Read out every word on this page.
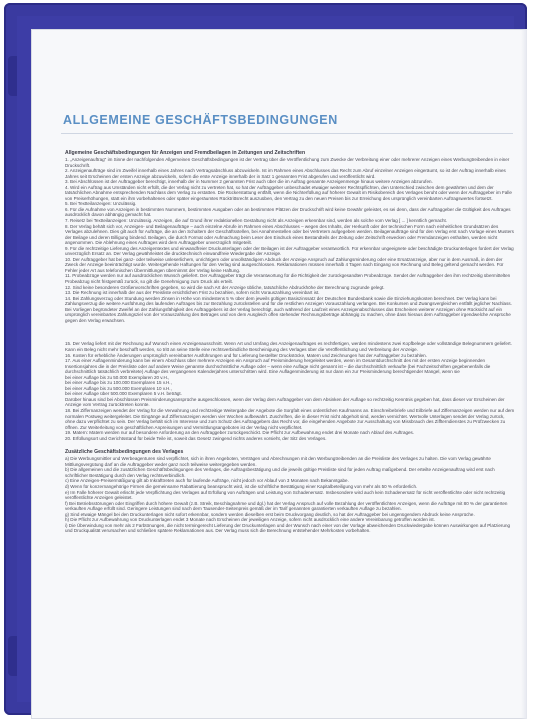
ALLGEMEINE GESCHÄFTSBEDINGUNGEN
Allgemeine Geschäftsbedingungen für Anzeigen und Fremdbeilagen in Zeitungen und Zeitschriften

1. „Anzeigenauftrag" im Sinne der nachfolgenden Allgemeinen Geschäftsbedingungen ist der Vertrag über die Veröffentlichung zum Zwecke der Verbreitung einer oder mehrerer Anzeigen eines Werbungtreibenden in einer Druckschrift.

2. Anzeigenaufträge sind im Zweifel innerhalb eines Jahres nach Vertragsabschluss abzuwickeln. Ist im Rahmen eines Abschlusses das Recht zum Abruf einzelner Anzeigen eingeräumt, so ist der Auftrag innerhalb eines Jahres seit Erscheinen der ersten Anzeige abzuwickeln, sofern die erste Anzeige innerhalb der in Satz 1 genannten Frist abgerufen und veröffentlicht wird.

3. Bei Abschlüssen ist der Auftraggeber berechtigt, innerhalb der in Nummer 2 genannten Frist auch über die im Auftrag genannte Anzeigenmenge hinaus weitere Anzeigen abzurufen.

4. Wird ein Auftrag aus Umständen nicht erfüllt, die der Verlag nicht zu vertreten hat, so hat der Auftraggeber unbeschadet etwaiger weiterer Rechtspflichten, den Unterschied zwischen dem gewährten und dem der tatsächlichen Abnahme entsprechenden Nachlass dem Verlag zu erstatten. Die Rückerstattung entfällt, wenn die Nichterfüllung auf höherer Gewalt im Risikobereich des Verlages beruht oder wenn der Auftraggeber im Falle von Preiserhöhungen, statt ein ihm vorbehaltenes oder später eingeräumtes Rücktrittsrecht auszuüben, den Vertrag zu den neuen Preisen bis zur Erreichung des ursprünglich vereinbarten Auftragswertes fortsetzt.

5. Bei Textteilanzeigen: Unzulässig.

6. Für die Aufnahme von Anzeigen in bestimmten Nummern, bestimmten Ausgaben oder an bestimmten Plätzen der Druckschrift wird keine Gewähr geleistet, es sei denn, dass der Auftraggeber die Gültigkeit des Auftrages ausdrücklich davon abhängig gemacht hat.

7. Reisetz bei Textteilanzeigen: Unzulässig. Anzeigen, die auf Grund ihrer redaktionellen Gestaltung nicht als Anzeigen erkennbar sind, werden als solche vom Verlag [ ... ] kenntlich gemacht.

8. Der Verlag behält sich vor, Anzeigen- und Beilagenaufträge – auch einzelne Abrufe im Rahmen eines Abschlusses – wegen des Inhalts, der Herkunft oder der technischen Form nach einheitlichen Grundsätzen des Verlages abzulehnen. Dies gilt auch für Aufträge, die an den Schaltern der Geschäftsstellen, bei Annahmestellen oder bei Vertretern aufgegeben werden. Beilagenaufträge sind für den Verlag erst nach Vorlage eines Musters der Beilage und deren Billigung bindend. Beilagen, die durch Format oder Aufmachung beim Leser den Eindruck eines Bestandteils der Zeitung oder Zeitschrift erwecken oder Fremdanzeigen enthalten, werden nicht angenommen. Die Ablehnung eines Auftrages wird dem Auftraggeber unverzüglich mitgeteilt.

9. Für die rechtzeitige Lieferung des Anzeigentextes und einwandfreier Druckunterlagen oder der Beilagen ist der Auftraggeber verantwortlich. Für erkennbar ungeeignete oder beschädigte Druckunterlagen fordert der Verlag unverzüglich Ersatz an. Der Verlag gewährleistet die drucktechnisch einwandfreie Wiedergabe der Anzeige.

10. Der Auftraggeber hat bei ganz- oder teilweise unleserlichem, unrichtigem oder unvollständigem Abdruck der Anzeige Anspruch auf Zahlungsminderung oder eine Ersatzanzeige, aber nur in dem Ausmaß, in dem der Zweck der Anzeige beeinträchtigt wurde. Weitergehende Haftungen für den Verlag sind ausgeschlossen. Reklamationen müssen innerhalb 4 Tagen nach Eingang von Rechnung und Beleg geltend gemacht werden. Für Fehler jeder Art aus telefonischen Übermittlungen übernimmt der Verlag keine Haftung.

11. Probeabzüge werden nur auf ausdrücklichen Wunsch geliefert. Der Auftraggeber trägt die Verantwortung für die Richtigkeit der zurückgesandten Probeabzüge. Sendet der Auftraggeber den ihm rechtzeitig übermittelten Probeabzug nicht fristgemäß zurück, so gilt die Genehmigung zum Druck als erteilt.

12. Sind keine besonderen Größenvorschriften gegeben, so wird die nach Art der Anzeige übliche, tatsächliche Abdruckhöhe der Berechnung zugrunde gelegt.

13. Die Rechnung ist innerhalb der aus der Preisliste ersichtlichen Frist zu bezahlen, sofern nicht Vorauszahlung vereinbart ist.

14. Bei Zahlungsverzug oder Stundung werden Zinsen in Höhe von mindestens 5 % über dem jeweils gültigen Basiszinssatz der Deutschen Bundesbank sowie die Einziehungskosten berechnet. Der Verlag kann bei Zahlungsverzug die weitere Ausführung des laufenden Auftrages bis zur Bezahlung zurückstellen und für die restlichen Anzeigen Vorauszahlung verlangen. Bei Konkursen und Zwangsvergleichen entfällt jeglicher Nachlass. Bei Vorliegen begründeter Zweifel an der Zahlungsfähigkeit des Auftraggebers ist der Verlag berechtigt, auch während der Laufzeit eines Anzeigenabschlusses das Erscheinen weiterer Anzeigen ohne Rücksicht auf ein ursprünglich vereinbartes Zahlungsziel von der Vorauszahlung des Betrages und von dem Ausgleich offen stehender Rechnungsbeträge abhängig zu machen, ohne dass hieraus dem Auftraggeber irgendwelche Ansprüche gegen den Verlag erwachsen.

15. Der Verlag liefert mit der Rechnung auf Wunsch einen Anzeigenausschnitt. Wenn Art und Umfang des Anzeigenauftrages es rechtfertigen, werden mindestens zwei Kopfbelege oder vollständige Belegnummern geliefert. Kann ein Beleg nicht mehr beschafft werden, so tritt an seine Stelle eine rechtsverbindliche Bescheinigung des Verlages über die Veröffentlichung und Verbreitung der Anzeige.

16. Kosten für erhebliche Änderungen ursprünglich vereinbarter Ausführungen und für Lieferung bestellter Druckstöcke, Matern und Zeichnungen hat der Auftraggeber zu bezahlen.

17. Aus einer Auflagenminderung kann bei einem Abschluss über mehrere Anzeigen ein Anspruch auf Preisminderung hergeleitet werden, wenn im Gesamtdurchschnitt des mit der ersten Anzeige beginnenden Insertionsjahres die in der Preisliste oder auf andere Weise genannte durchschnittliche Auflage oder – wenn eine Auflage nicht genannt ist – die durchschnittlich verkaufte (bei Fachzeitschriften gegebenenfalls die durchschnittlich tatsächlich verbreitete) Auflage des vergangenen Kalenderjahres unterschritten wird. Eine Auflagenminderung ist nur dann ein zur Preisminderung berechtigender Mangel, wenn sie

bei einer Auflage bis zu 50.000 Exemplaren 20 v.H.,

bei einer Auflage bis zu 100.000 Exemplaren 15 v.H.,

bei einer Auflage bis zu 500.000 Exemplaren 10 v.H.,

bei einer Auflage über 500.000 Exemplaren 5 v.H. beträgt.

Darüber hinaus sind bei Abschlüssen Preisminderungsansprüche ausgeschlossen, wenn der Verlag dem Auftraggeber von dem Absinken der Auflage so rechtzeitig Kenntnis gegeben hat, dass dieser vor Erscheinen der Anzeige vom Vertrag zurücktreten konnte.

18. Bei Ziffernanzeigen wendet der Verlag für die Verwahrung und rechtzeitige Weitergabe der Angebote die Sorgfalt eines ordentlichen Kaufmanns an. Einschreibebriefe und Eilbriefe auf Ziffernanzeigen werden nur auf dem normalen Postweg weitergeleitet. Die Eingänge auf Ziffernanzeigen werden vier Wochen aufbewahrt. Zuschriften, die in dieser Frist nicht abgeholt sind, werden vernichtet. Wertvolle Unterlagen sendet der Verlag zurück, ohne dazu verpflichtet zu sein. Der Verlag behält sich im Interesse und zum Schutz des Auftraggebers das Recht vor, die eingehenden Angebote zur Ausschaltung von Missbrauch des Ziffterndienstes zu Prüfzwecken zu öffnen. Zur Weiterleitung von geschäftlichen Anpreisungen und Vermittlungsangeboten ist der Verlag nicht verpflichtet.

19. Matern: Matern werden nur auf besondere Anforderung an den Auftraggeber zurückgeschickt. Die Pflicht zur Aufbewahrung endet drei Monate nach Ablauf des Auftrages.

20. Erfüllungsort und Gerichtsstand für beide Teile ist, soweit das Gesetz zwingend nichts anderes vorsieht, der Sitz des Verlages.

Zusätzliche Geschäftsbedingungen des Verlages

a) Die Werbungsmittler und Werbeagenturen sind verpflichtet, sich in ihren Angeboten, Verträgen und Abrechnungen mit den Werbungtreibenden an die Preisliste des Verlages zu halten. Die vom Verlag gewährte Mittlungsvergütung darf an die Auftraggeber weder ganz noch teilweise weitergegeben werden.

b) Die allgemeinen und die zusätzlichen Geschäftsbedingungen des Verlages, die Auftragsbestätigung und die jeweils gültige Preisliste sind für jeden Auftrag maßgebend. Der erteilte Anzeigenauftrag wird erst nach schriftlicher Bestätigung durch den Verlag rechtsverbindlich.

c) Eine Anzeigen-Preisermäßigung gilt ab Inkrafttreten auch für laufende Aufträge, nicht jedoch vor Ablauf von 3 Monaten nach Bekanntgabe.

d) Wenn für konzernangehörige Firmen die gemeinsame Rabattierung beansprucht wird, ist die schriftliche Bestätigung einer Kapitalbeteiligung von mehr als 50 % erforderlich.

e) Im Falle höherer Gewalt erlischt jede Verpflichtung des Verlages auf Erfüllung von Aufträgen und Leistung von Schadenersatz. Insbesondere wird auch kein Schadenersatz für nicht veröffentlichte oder nicht rechtzeitig veröffentlichte Anzeigen geleistet.

f) Bei Betriebsstörungen oder Eingriffen durch höhere Gewalt (z.B. Streik, Beschlagnahme und dgl.) hat der Verlag Anspruch auf volle Bezahlung der veröffentlichten Anzeigen, wenn die Aufträge mit 80 % der garantierten verkauften Auflage erfüllt sind. Geringere Leistungen sind nach dem Tausender-Seitenpreis gemäß der im Tarif genannten garantierten verkauften Auflage zu bezahlen.

g) Sind etwaige Mängel bei den Druckunterlagen nicht sofort erkennbar, sondern werden dieselben erst beim Druckvorgang deutlich, so hat der Auftraggeber bei ungenügendem Abdruck keine Ansprüche.

h) Die Pflicht zur Aufbewahrung von Druckunterlagen endet 3 Monate nach Erscheinen der jeweiligen Anzeige, sofern nicht ausdrücklich eine andere Vereinbarung getroffen worden ist.

i) Die Überwindung von mehr als 2 Farbtönungen, die nicht termingerecht Lieferung der Druckunterlagen und der Wunsch nach einer von der Vorlage abweichenden Druckwiedergabe können Auswirkungen auf Platzierung und Druckqualität verursachen und schließen spätere Reklamationen aus. Der Verlag muss sich die Berechnung entstehender Mehrkosten vorbehalten.
